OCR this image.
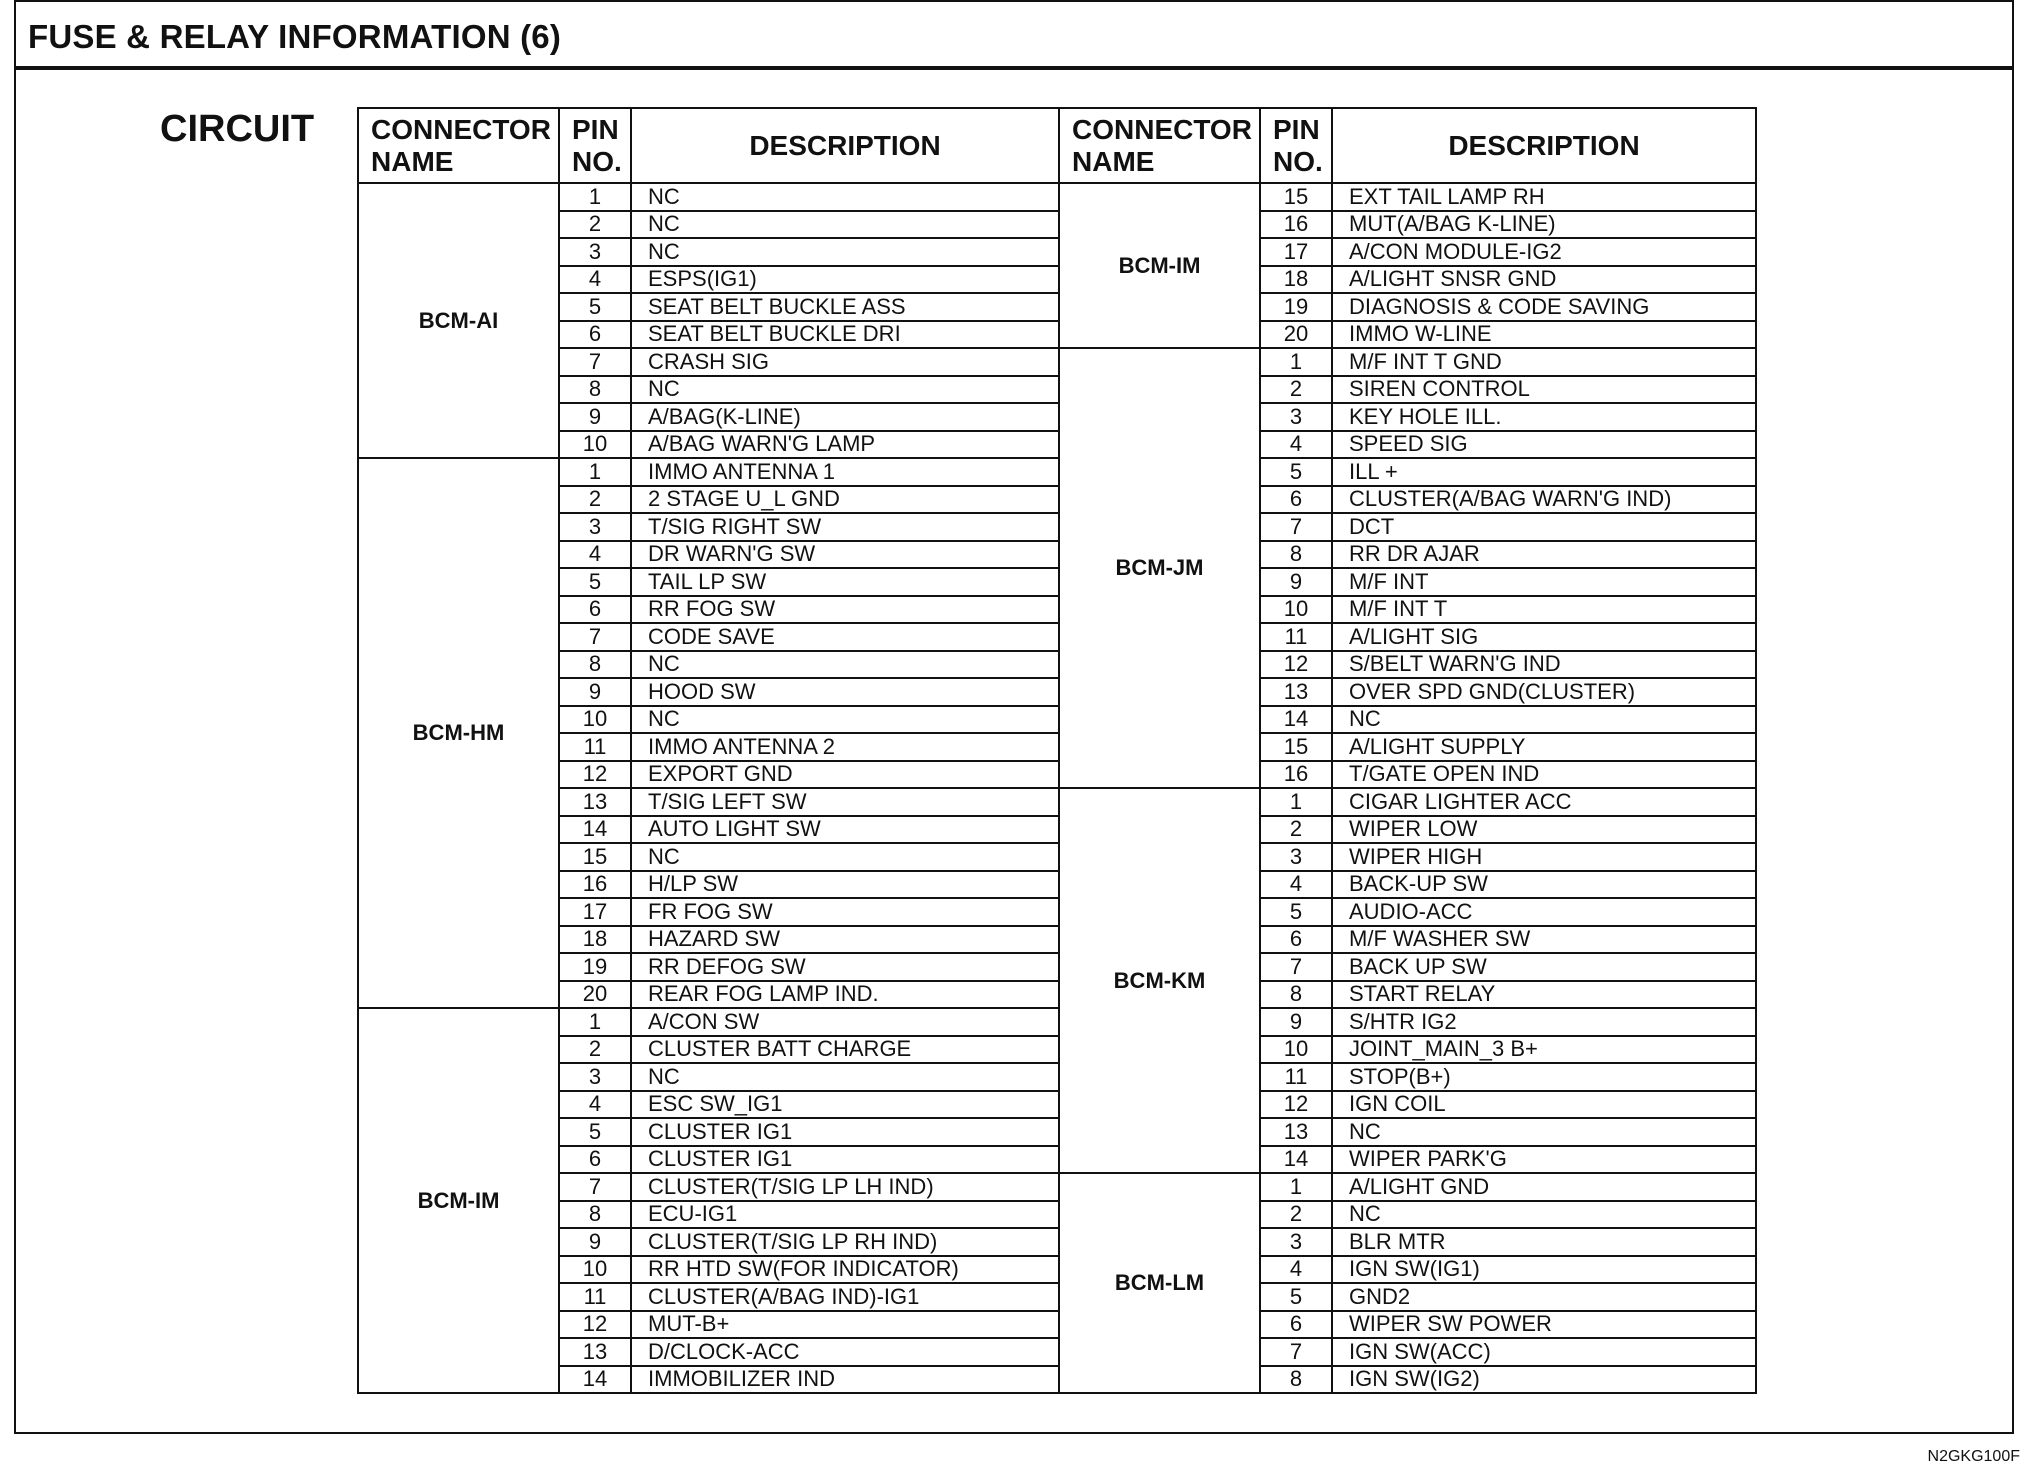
FUSE & RELAY INFORMATION (6)
CIRCUIT CONNECTOR NAME	PIN NO.	DESCRIPTION
BCM-AI	1	NC
	2	NC
	3	NC
	4	ESPS(IG1)
	5	SEAT BELT BUCKLE ASS
	6	SEAT BELT BUCKLE DRI
	7	CRASH SIG
	8	NC
	9	A/BAG(K-LINE)
	10	A/BAG WARN'G LAMP
BCM-HM	1	IMMO ANTENNA 1
	2	2 STAGE U_L GND
	3	T/SIG RIGHT SW
	4	DR WARN'G SW
	5	TAIL LP SW
	6	RR FOG SW
	7	CODE SAVE
	8	NC
	9	HOOD SW
	10	NC
	11	IMMO ANTENNA 2
	12	EXPORT GND
	13	T/SIG LEFT SW
	14	AUTO LIGHT SW
	15	NC
	16	H/LP SW
	17	FR FOG SW
	18	HAZARD SW
	19	RR DEFOG SW
	20	REAR FOG LAMP IND.
BCM-IM	1	A/CON SW
	2	CLUSTER BATT CHARGE
	3	NC
	4	ESC SW_IG1
	5	CLUSTER IG1
	6	CLUSTER IG1
	7	CLUSTER(T/SIG LP LH IND)
	8	ECU-IG1
	9	CLUSTER(T/SIG LP RH IND)
	10	RR HTD SW(FOR INDICATOR)
	11	CLUSTER(A/BAG IND)-IG1
	12	MUT-B+
	13	D/CLOCK-ACC
	14	IMMOBILIZER IND
CONNECTOR NAME	PIN NO.	DESCRIPTION
BCM-IM	15	EXT TAIL LAMP RH
	16	MUT(A/BAG K-LINE)
	17	A/CON MODULE-IG2
	18	A/LIGHT SNSR GND
	19	DIAGNOSIS & CODE SAVING
	20	IMMO W-LINE
BCM-JM	1	M/F INT T GND
	2	SIREN CONTROL
	3	KEY HOLE ILL.
	4	SPEED SIG
	5	ILL +
	6	CLUSTER(A/BAG WARN'G IND)
	7	DCT
	8	RR DR AJAR
	9	M/F INT
	10	M/F INT T
	11	A/LIGHT SIG
	12	S/BELT WARN'G IND
	13	OVER SPD GND(CLUSTER)
	14	NC
	15	A/LIGHT SUPPLY
	16	T/GATE OPEN IND
BCM-KM	1	CIGAR LIGHTER ACC
	2	WIPER LOW
	3	WIPER HIGH
	4	BACK-UP SW
	5	AUDIO-ACC
	6	M/F WASHER SW
	7	BACK UP SW
	8	START RELAY
	9	S/HTR IG2
	10	JOINT_MAIN_3 B+
	11	STOP(B+)
	12	IGN COIL
	13	NC
	14	WIPER PARK'G
BCM-LM	1	A/LIGHT GND
	2	NC
	3	BLR MTR
	4	IGN SW(IG1)
	5	GND2
	6	WIPER SW POWER
	7	IGN SW(ACC)
	8	IGN SW(IG2)
N2GKG100F
